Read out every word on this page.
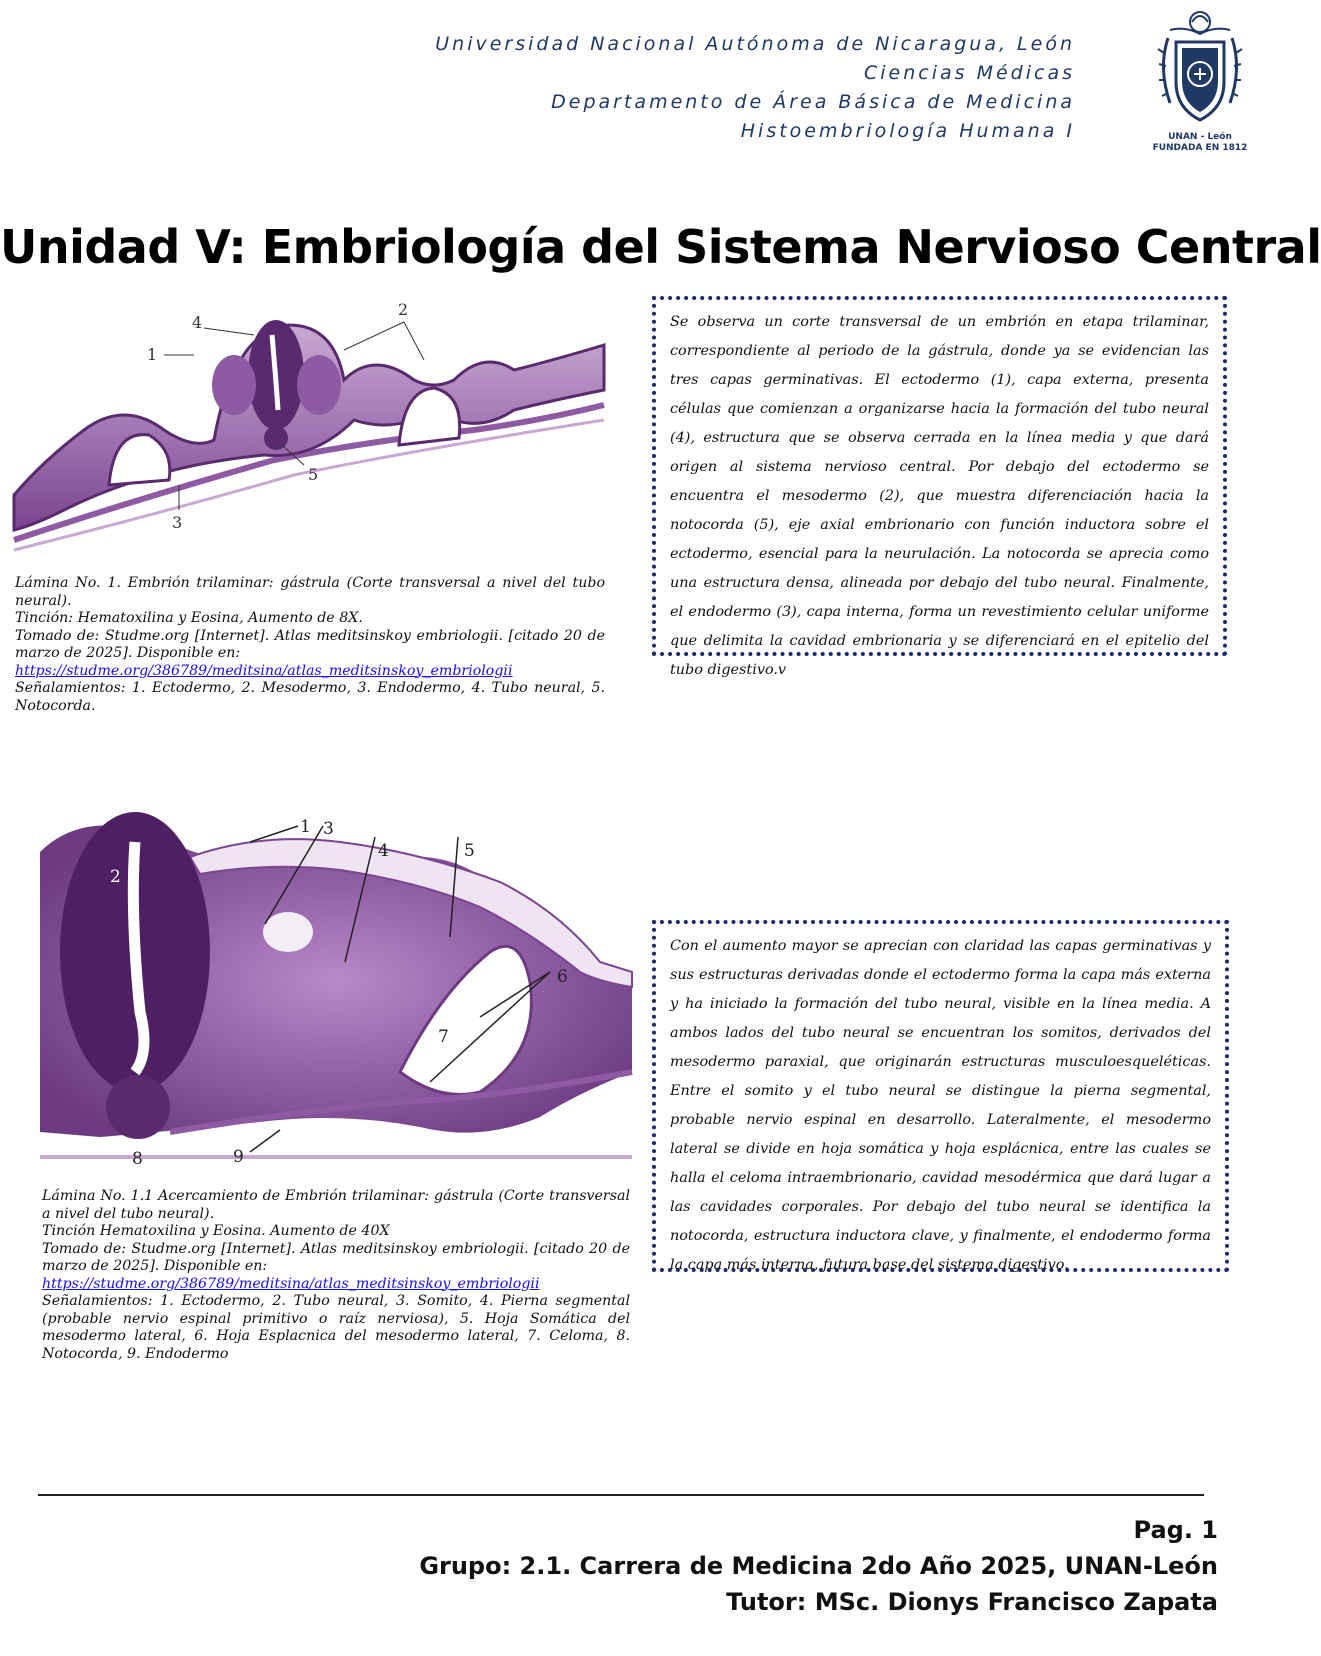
Universidad Nacional Autónoma de Nicaragua, León
Ciencias Médicas
Departamento de Área Básica de Medicina
Histoembriología Humana I	UNAN - León
FUNDADA EN 1812
Unidad V: Embriología del Sistema Nervioso Central
4
1
2
5
3
Lámina No. 1. Embrión trilaminar: gástrula (Corte transversal a nivel del tubo neural).
Tinción: Hematoxilina y Eosina, Aumento de 8X.
Tomado de: Studme.org [Internet]. Atlas meditsinskoy embriologii. [citado 20 de marzo de 2025]. Disponible en:
https://studme.org/386789/meditsina/atlas_meditsinskoy_embriologii
Señalamientos: 1. Ectodermo, 2. Mesodermo, 3. Endodermo, 4. Tubo neural, 5. Notocorda.
Se observa un corte transversal de un embrión en etapa trilaminar, correspondiente al periodo de la gástrula, donde ya se evidencian las tres capas germinativas. El ectodermo (1), capa externa, presenta células que comienzan a organizarse hacia la formación del tubo neural (4), estructura que se observa cerrada en la línea media y que dará origen al sistema nervioso central. Por debajo del ectodermo se encuentra el mesodermo (2), que muestra diferenciación hacia la notocorda (5), eje axial embrionario con función inductora sobre el ectodermo, esencial para la neurulación. La notocorda se aprecia como una estructura densa, alineada por debajo del tubo neural. Finalmente, el endodermo (3), capa interna, forma un revestimiento celular uniforme que delimita la cavidad embrionaria y se diferenciará en el epitelio del tubo digestivo.v
1 3
4	5
2
6
7
8	9
Lámina No. 1.1 Acercamiento de Embrión trilaminar: gástrula (Corte transversal a nivel del tubo neural).
Tinción Hematoxilina y Eosina. Aumento de 40X
Tomado de: Studme.org [Internet]. Atlas meditsinskoy embriologii. [citado 20 de marzo de 2025]. Disponible en:
https://studme.org/386789/meditsina/atlas_meditsinskoy_embriologii
Señalamientos: 1. Ectodermo, 2. Tubo neural, 3. Somito, 4. Pierna segmental (probable nervio espinal primitivo o raíz nerviosa), 5. Hoja Somática del mesodermo lateral, 6. Hoja Esplacnica del mesodermo lateral, 7. Celoma, 8. Notocorda, 9. Endodermo
Con el aumento mayor se aprecian con claridad las capas germinativas y sus estructuras derivadas donde el ectodermo forma la capa más externa y ha iniciado la formación del tubo neural, visible en la línea media. A ambos lados del tubo neural se encuentran los somitos, derivados del mesodermo paraxial, que originarán estructuras musculoesqueléticas. Entre el somito y el tubo neural se distingue la pierna segmental, probable nervio espinal en desarrollo. Lateralmente, el mesodermo lateral se divide en hoja somática y hoja esplácnica, entre las cuales se halla el celoma intraembrionario, cavidad mesodérmica que dará lugar a las cavidades corporales. Por debajo del tubo neural se identifica la notocorda, estructura inductora clave, y finalmente, el endodermo forma la capa más interna, futura base del sistema digestivo.
Pag. 1
Grupo: 2.1. Carrera de Medicina 2do Año 2025, UNAN-León
Tutor: MSc. Dionys Francisco Zapata
